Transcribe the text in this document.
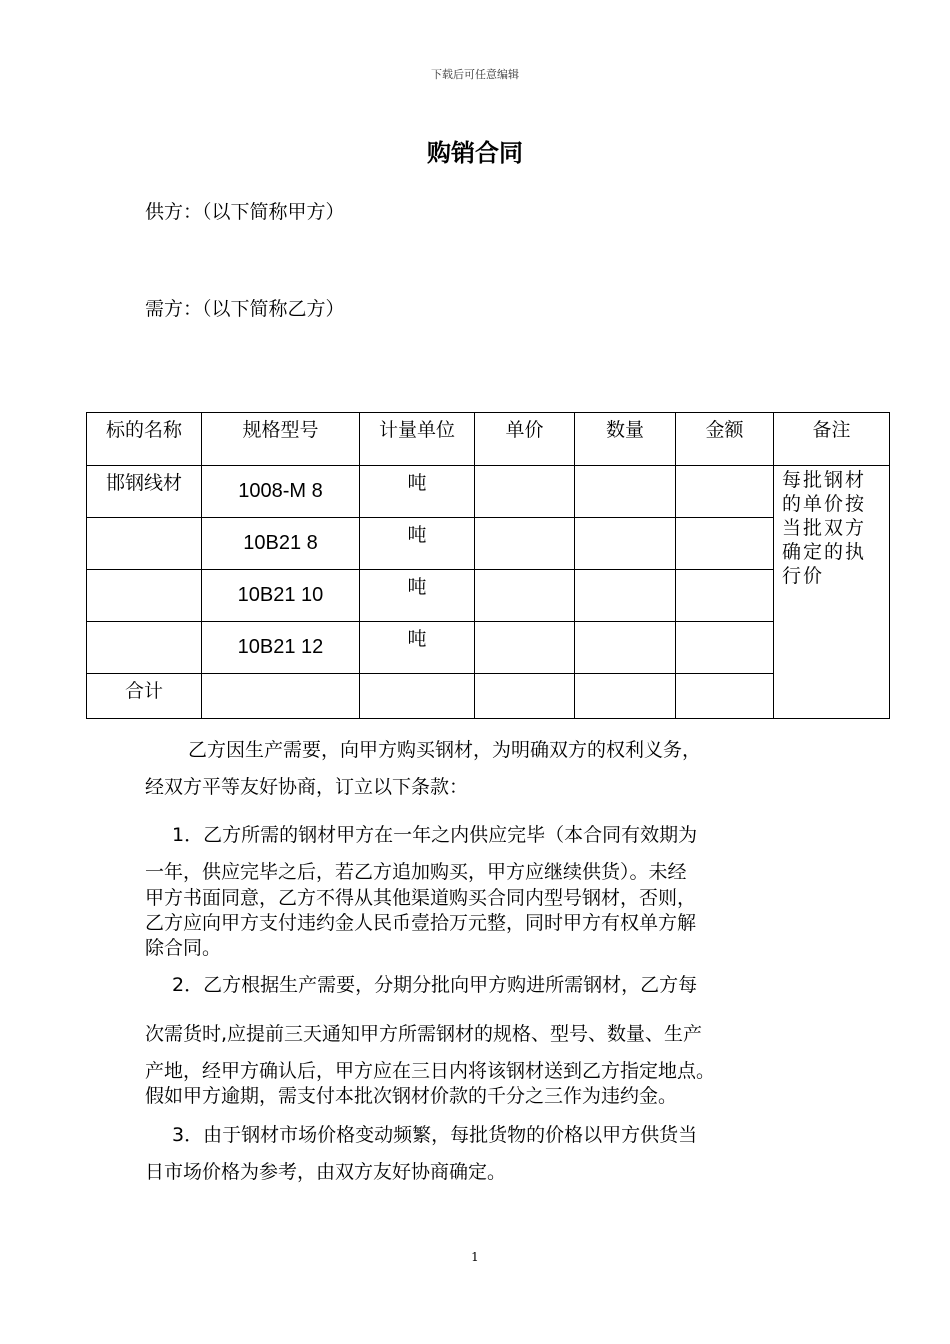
下载后可任意编辑
购销合同
供方：（以下简称甲方）
需方：（以下简称乙方）
标的名称	规格型号	计量单位	单价	数量	金额	备注
邯钢线材	1008-M 8	吨				每批钢材的单价按当批双方确定的执行价

	10B21 8	吨				

	10B21 10	吨				

	10B21 12	吨				
合计						
乙方因生产需要，向甲方购买钢材，为明确双方的权利义务，
经双方平等友好协商，订立以下条款：
1．乙方所需的钢材甲方在一年之内供应完毕（本合同有效期为
一年，供应完毕之后，若乙方追加购买，甲方应继续供货）。未经
甲方书面同意，乙方不得从其他渠道购买合同内型号钢材，否则，
乙方应向甲方支付违约金人民币壹拾万元整，同时甲方有权单方解
除合同。
2．乙方根据生产需要，分期分批向甲方购进所需钢材，乙方每
次需货时,应提前三天通知甲方所需钢材的规格、型号、数量、生产
产地，经甲方确认后，甲方应在三日内将该钢材送到乙方指定地点。
假如甲方逾期，需支付本批次钢材价款的千分之三作为违约金。
3．由于钢材市场价格变动频繁，每批货物的价格以甲方供货当
日市场价格为参考，由双方友好协商确定。
1
